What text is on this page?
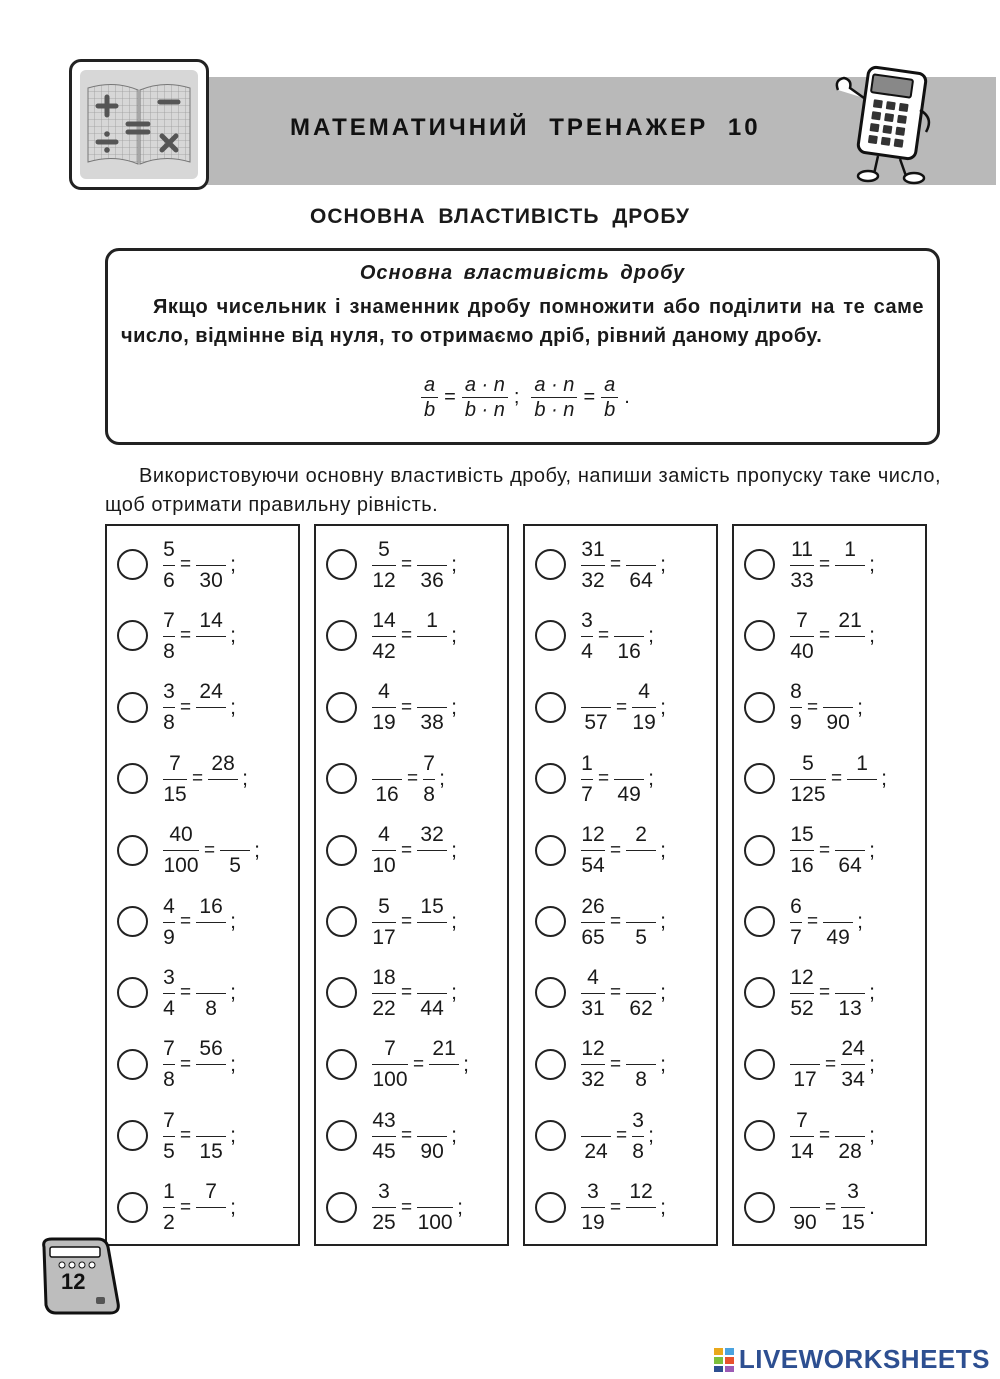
МАТЕМАТИЧНИЙ ТРЕНАЖЕР 10
ОСНОВНА ВЛАСТИВІСТЬ ДРОБУ
Основна властивість дробу
Якщо чисельник і знаменник дробу помножити або поділити на те саме число, відмінне від нуля, то отримаємо дріб, рівний даному дробу.
$\frac{a}{b} = \frac{a \cdot n}{b \cdot n}$ ; $\frac{a \cdot n}{b \cdot n} = \frac{a}{b}$ .
Використовуючи основну властивість дробу, напиши замість пропуску таке число, щоб отримати правильну рівність.
$\frac{5}{6}$ =
30
;
$\frac{7}{8}$ =
14
;
$\frac{3}{8}$ =
24
;
$\frac{7}{15}$ =
28
;
$\frac{40}{100}$ =
5
;
$\frac{4}{9}$ =
16
;
$\frac{3}{4}$ =
8
;
$\frac{7}{8}$ =
56
;
$\frac{7}{5}$ =
15
;
$\frac{1}{2}$ =
7
;
$\frac{5}{12}$ =
36
;
$\frac{14}{42}$ =
1
;
$\frac{4}{19}$ =
38
;
16
= $\frac{7}{8}$ ;
$\frac{4}{10}$ =
32
;
$\frac{5}{17}$ =
15
;
$\frac{18}{22}$ =
44
;
$\frac{7}{100}$ =
21
;
$\frac{43}{45}$ =
90
;
$\frac{3}{25}$ =
100
;
$\frac{31}{32}$ =
64
;
$\frac{3}{4}$ =
16
;
57
= $\frac{4}{19}$ ;
$\frac{1}{7}$ =
49
;
$\frac{12}{54}$ =
2
;
$\frac{26}{65}$ =
5
;
$\frac{4}{31}$ =
62
;
$\frac{12}{32}$ =
8
;
24
= $\frac{3}{8}$ ;
$\frac{3}{19}$ =
12
;
$\frac{11}{33}$ =
1
;
$\frac{7}{40}$ =
21
;
$\frac{8}{9}$ =
90
;
$\frac{5}{125}$ =
1
;
$\frac{15}{16}$ =
64
;
$\frac{6}{7}$ =
49
;
$\frac{12}{52}$ =
13
;
17
= $\frac{24}{34}$ ;
$\frac{7}{14}$ =
28
;
90
= $\frac{3}{15}$ .
12
LIVEWORKSHEETS
